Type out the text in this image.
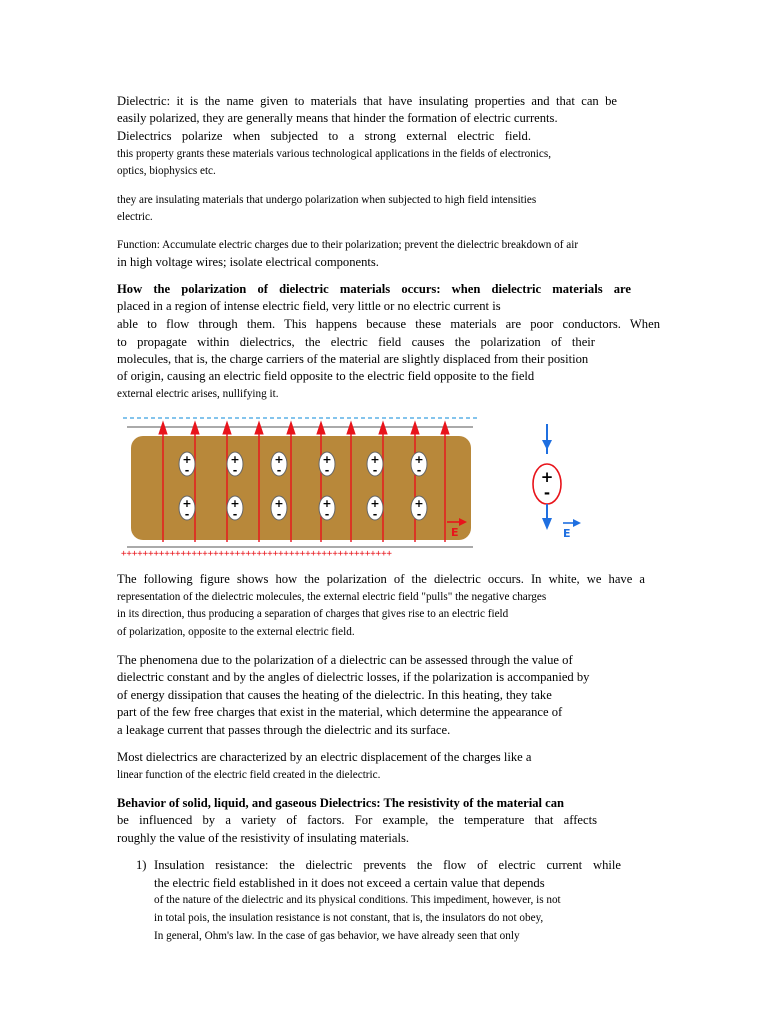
Dielectric: it is the name given to materials that have insulating properties and that can be
easily polarized, they are generally means that hinder the formation of electric currents.
Dielectrics polarize when subjected to a strong external electric field.
this property grants these materials various technological applications in the fields of electronics,
optics, biophysics etc.
they are insulating materials that undergo polarization when subjected to high field intensities
electric.
Function: Accumulate electric charges due to their polarization; prevent the dielectric breakdown of air
in high voltage wires; isolate electrical components.
How the polarization of dielectric materials occurs: when dielectric materials are
placed in a region of intense electric field, very little or no electric current is
able to flow through them. This happens because these materials are poor conductors. When
to propagate within dielectrics, the electric field causes the polarization of their
molecules, that is, the charge carriers of the material are slightly displaced from their position
of origin, causing an electric field opposite to the electric field opposite to the field
external electric arises, nullifying it.
++++++++++++++++++++++++++++++++++++++++++++++++++
+
-
+
-
+
-
+
-
+
-
+
-
+
-
+
-
+
-
+
-
+
-
+
-
E
+
-
E
The following figure shows how the polarization of the dielectric occurs. In white, we have a
representation of the dielectric molecules, the external electric field "pulls" the negative charges
in its direction, thus producing a separation of charges that gives rise to an electric field
of polarization, opposite to the external electric field.
The phenomena due to the polarization of a dielectric can be assessed through the value of
dielectric constant and by the angles of dielectric losses, if the polarization is accompanied by
of energy dissipation that causes the heating of the dielectric. In this heating, they take
part of the few free charges that exist in the material, which determine the appearance of
a leakage current that passes through the dielectric and its surface.
Most dielectrics are characterized by an electric displacement of the charges like a
linear function of the electric field created in the dielectric.
Behavior of solid, liquid, and gaseous Dielectrics: The resistivity of the material can
be influenced by a variety of factors. For example, the temperature that affects
roughly the value of the resistivity of insulating materials.
1) Insulation resistance: the dielectric prevents the flow of electric current while
the electric field established in it does not exceed a certain value that depends
of the nature of the dielectric and its physical conditions. This impediment, however, is not
in total pois, the insulation resistance is not constant, that is, the insulators do not obey,
In general, Ohm's law. In the case of gas behavior, we have already seen that only
